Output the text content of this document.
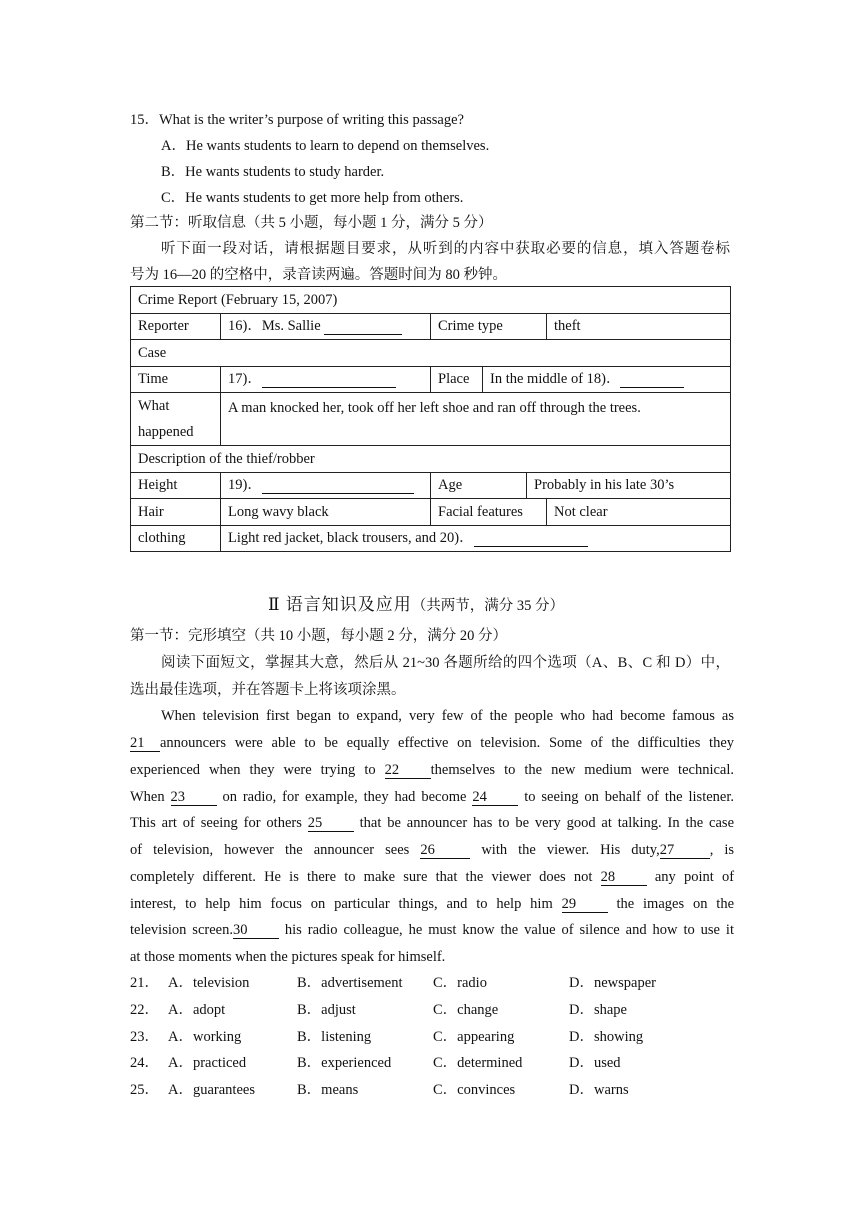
15．What is the writer’s purpose of writing this passage?
A．He wants students to learn to depend on themselves.
B．He wants students to study harder.
C．He wants students to get more help from others.
第二节：听取信息（共 5 小题，每小题 1 分，满分 5 分）
听下面一段对话，请根据题目要求，从听到的内容中获取必要的信息，填入答题卷标
号为 16—20 的空格中，录音读两遍。答题时间为 80 秒钟。
Crime Report (February 15, 2007)					
Reporter	16)．Ms. Sallie	Crime type			theft
Case					
Time	17)．	Place	In the middle of 18)．		
What
happened	A man knocked her, took off her left shoe and ran off through the trees.				
Description of the thief/robber					
Height	19)．	Age		Probably in his late 30’s	
Hair	Long wavy black	Facial features			Not clear
clothing	Light red jacket, black trousers, and 20)．				
Ⅱ 语言知识及应用（共两节，满分 35 分）
第一节：完形填空（共 10 小题，每小题 2 分，满分 20 分）
阅读下面短文，掌握其大意，然后从 21~30 各题所给的四个选项（A、B、C 和 D）中，
选出最佳选项，并在答题卡上将该项涂黑。
When television first began to expand, very few of the people who had become famous as
21 announcers were able to be equally effective on television. Some of the difficulties they
experienced when they were trying to 22 themselves to the new medium were technical.
When 23	on radio, for example, they had become 24	to seeing on behalf of the listener.
This art of seeing for others 25	that be announcer has to be very good at talking. In the case
of television, however the announcer sees 26	with the viewer. His duty,27 , is
completely different. He is there to make sure that the viewer does not 28	any point of
interest, to help him focus on particular things, and to help him 29	the images on the
television screen.30	his radio colleague, he must know the value of silence and how to use it
at those moments when the pictures speak for himself.
21． A．television	B．advertisement C．radio	D．newspaper
22． A．adopt	B．adjust	C．change	D．shape
23． A．working	B．listening	C．appearing	D．showing
24． A．practiced	B．experienced	C．determined	D．used
25． A．guarantees	B．means	C．convinces	D．warns
